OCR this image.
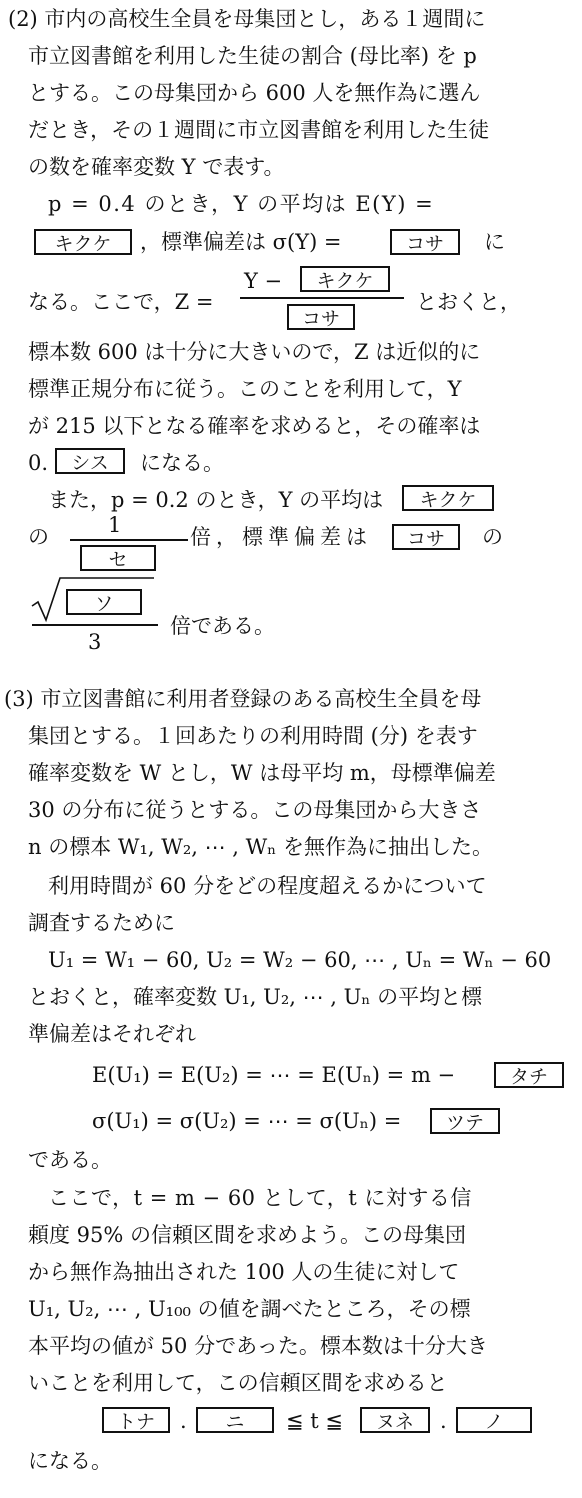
(2) 市内の高校生全員を母集団とし，ある１週間に
市立図書館を利用した生徒の割合 (母比率) を p
とする。この母集団から 600 人を無作為に選ん
だとき，その１週間に市立図書館を利用した生徒
の数を確率変数 Y で表す。
p = 0.4 のとき，Y の平均は E(Y) =
キクケ	，標準偏差は σ(Y) =	コサ	に
なる。ここで，Z =
Y −	キクケ
コサ
とおくと，
標本数 600 は十分に大きいので，Z は近似的に
標準正規分布に従う。このことを利用して，Y
が 215 以下となる確率を求めると，その確率は
0.	シス	になる。
また，p = 0.2 のとき，Y の平均は	キクケ
の	1
セ
倍，標準偏差は	コサ	の
ソ
3
倍である。
(3) 市立図書館に利用者登録のある高校生全員を母
集団とする。１回あたりの利用時間 (分) を表す
確率変数を W とし，W は母平均 m，母標準偏差
30 の分布に従うとする。この母集団から大きさ
n の標本 W₁, W₂, ⋯ , Wₙ を無作為に抽出した。
利用時間が 60 分をどの程度超えるかについて
調査するために
U₁ = W₁ − 60, U₂ = W₂ − 60, ⋯ , Uₙ = Wₙ − 60
とおくと，確率変数 U₁, U₂, ⋯ , Uₙ の平均と標
準偏差はそれぞれ
E(U₁) = E(U₂) = ⋯ = E(Uₙ) = m −	タチ
σ(U₁) = σ(U₂) = ⋯ = σ(Uₙ) =	ツテ
である。
ここで，t = m − 60 として，t に対する信
頼度 95% の信頼区間を求めよう。この母集団
から無作為抽出された 100 人の生徒に対して
U₁, U₂, ⋯ , U₁₀₀ の値を調べたところ，その標
本平均の値が 50 分であった。標本数は十分大き
いことを利用して，この信頼区間を求めると
トナ	.	ニ	≦ t ≦	ヌネ	.	ノ
になる。
